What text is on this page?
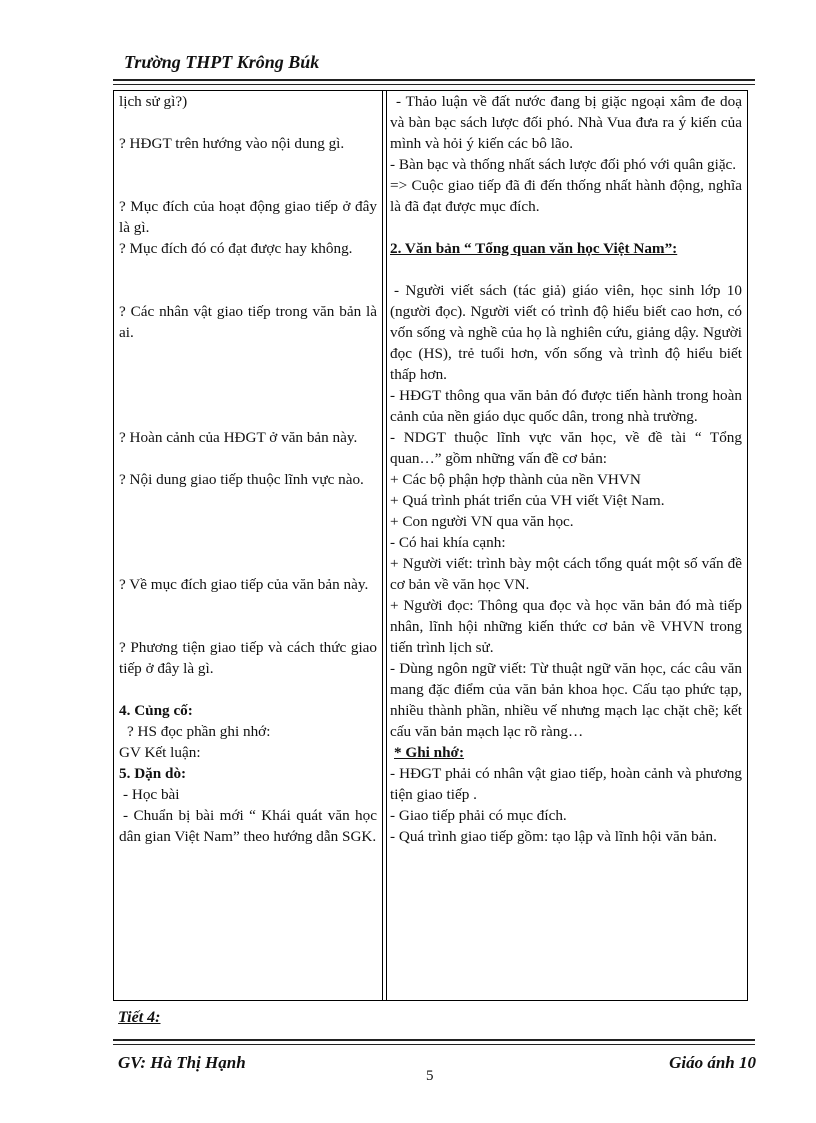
Trường THPT Krông Búk

lịch sử gì?)

? HĐGT trên hướng vào nội dung gì.

? Mục đích của hoạt động giao tiếp ở đây là gì.

? Mục đích đó có đạt được hay không.

? Các nhân vật giao tiếp trong văn bản là ai.

? Hoàn cảnh của HĐGT ở văn bản này.

? Nội dung giao tiếp thuộc lĩnh vực nào.

? Về mục đích giao tiếp của văn bản này.

? Phương tiện giao tiếp và cách thức giao tiếp ở đây là gì.

4. Củng cố:

? HS đọc phần ghi nhớ:

GV Kết luận:

5. Dặn dò:

- Học bài

- Chuẩn bị bài mới “ Khái quát văn học dân gian Việt Nam” theo hướng dẫn SGK.

- Thảo luận về đất nước đang bị giặc ngoại xâm đe doạ và bàn bạc sách lược đối phó. Nhà Vua đưa ra ý kiến của mình và hỏi ý kiến các bô lão.

- Bàn bạc và thống nhất sách lược đối phó với quân giặc.

=> Cuộc giao tiếp đã đi đến thống nhất hành động, nghĩa là đã đạt được mục đích.

2. Văn bản “ Tổng quan văn học Việt Nam”:

- Người viết sách (tác giả) giáo viên, học sinh lớp 10 (người đọc). Người viết có trình độ hiểu biết cao hơn, có vốn sống và nghề của họ là nghiên cứu, giảng dậy. Người đọc (HS), trẻ tuổi hơn, vốn sống và trình độ hiểu biết thấp hơn.

- HĐGT thông qua văn bản đó được tiến hành trong hoàn cảnh của nền giáo dục quốc dân, trong nhà trường.

- NDGT thuộc lĩnh vực văn học, về đề tài “ Tổng quan…” gồm những vấn đề cơ bản:

+ Các bộ phận hợp thành của nền VHVN

+ Quá trình phát triển của VH viết Việt Nam.

+ Con người VN qua văn học.

- Có hai khía cạnh:

+ Người viết: trình bày một cách tổng quát một số vấn đề cơ bản về văn học VN.

+ Người đọc: Thông qua đọc và học văn bản đó mà tiếp nhân, lĩnh hội những kiến thức cơ bản về VHVN trong tiến trình lịch sử.

- Dùng ngôn ngữ viết: Từ thuật ngữ văn học, các câu văn mang đặc điểm của văn bản khoa học. Cấu tạo phức tạp, nhiều thành phần, nhiều vế nhưng mạch lạc chặt chẽ; kết cấu văn bản mạch lạc rõ ràng…

* Ghi nhớ:

- HĐGT phải có nhân vật giao tiếp, hoàn cảnh và phương tiện giao tiếp .

- Giao tiếp phải có mục đích.

- Quá trình giao tiếp gồm: tạo lập và lĩnh hội văn bản.

Tiết 4:
GV: Hà Thị Hạnh	Giáo ánh 10
5
